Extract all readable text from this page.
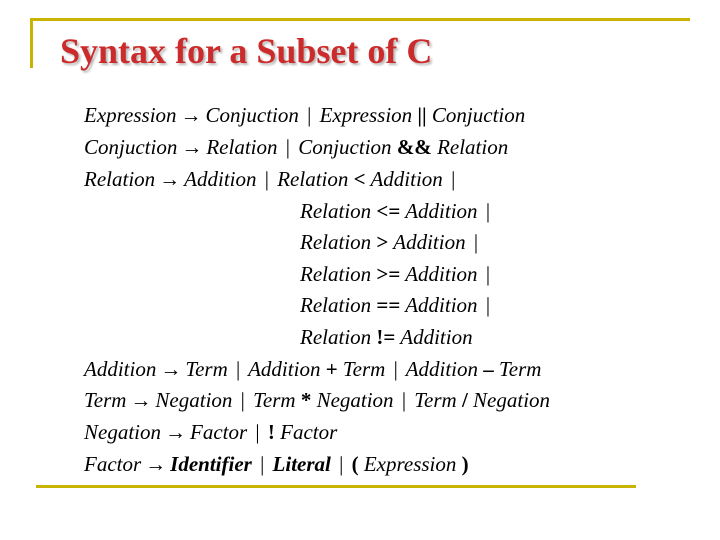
Syntax for a Subset of C
Expression → Conjuction | Expression || Conjuction
Conjuction → Relation | Conjuction && Relation
Relation → Addition | Relation < Addition |
Relation <= Addition |
Relation > Addition |
Relation >= Addition |
Relation == Addition |
Relation != Addition
Addition → Term | Addition + Term | Addition – Term
Term → Negation | Term * Negation | Term / Negation
Negation → Factor | ! Factor
Factor → Identifier | Literal | ( Expression )
